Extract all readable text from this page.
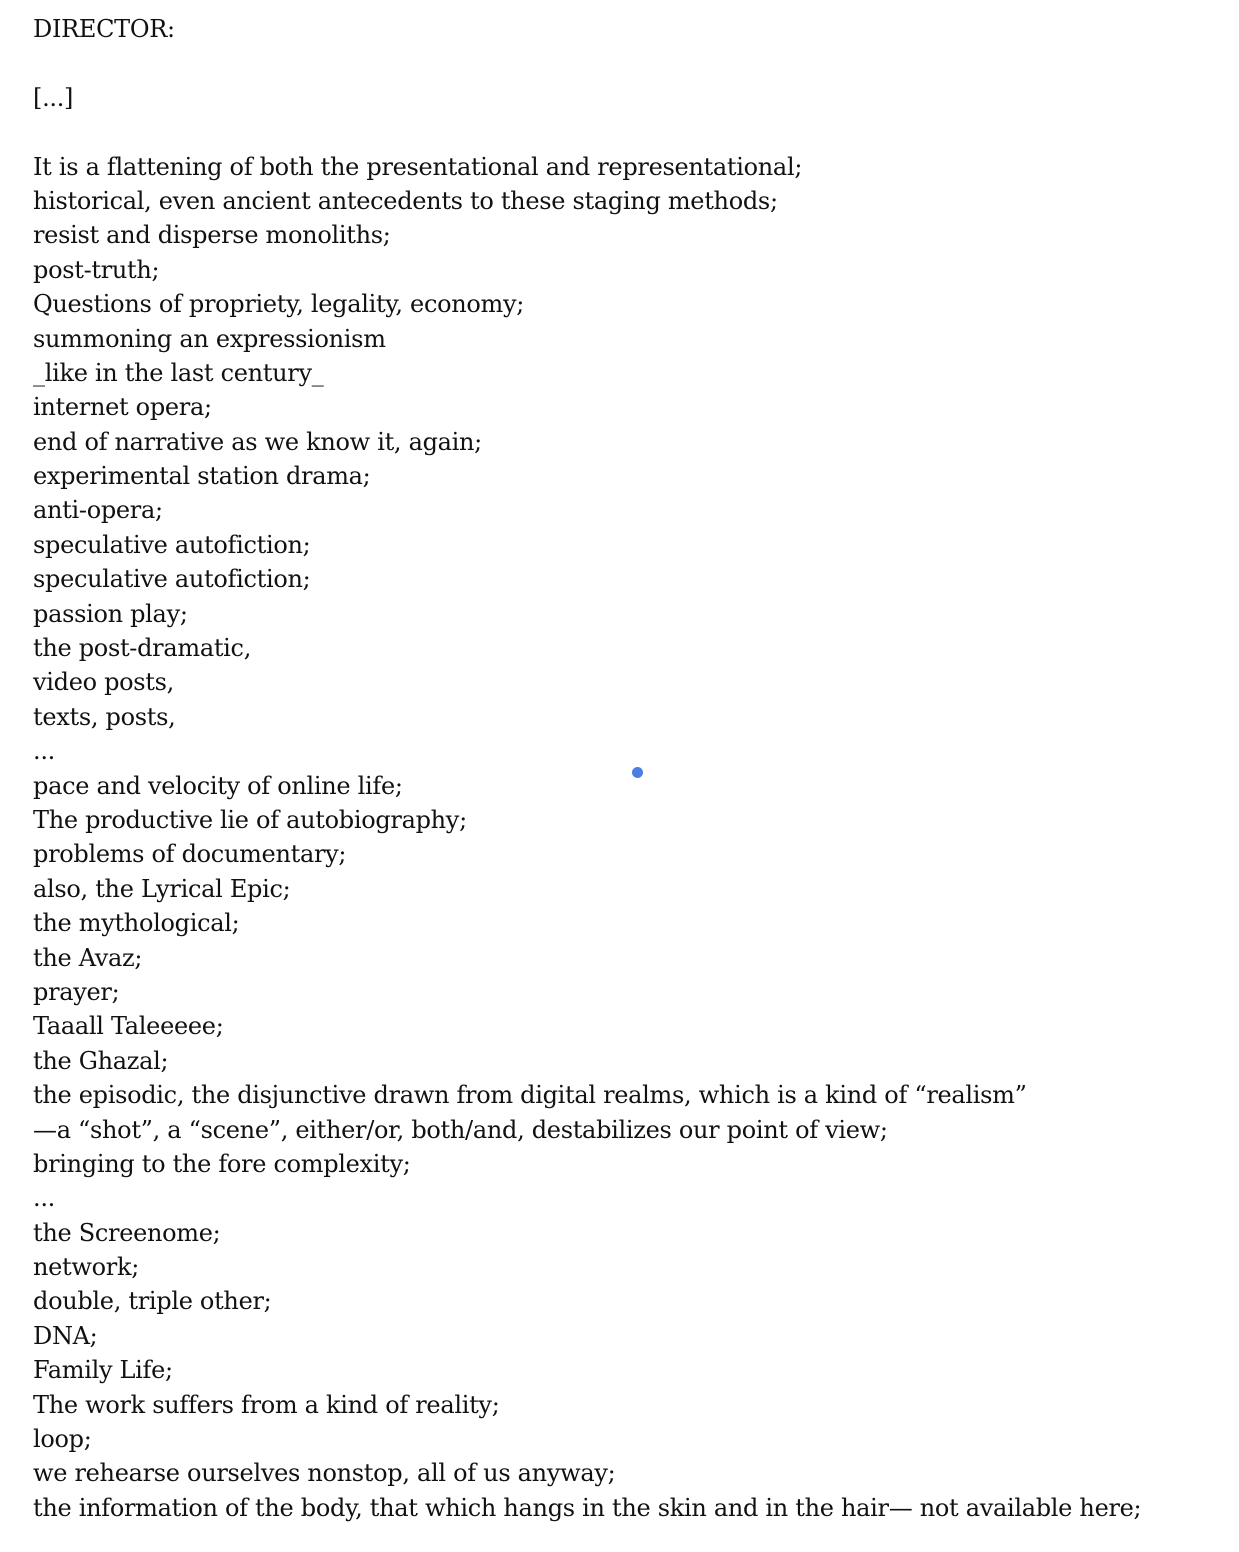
DIRECTOR:
[...]
It is a flattening of both the presentational and representational;
historical, even ancient antecedents to these staging methods;
resist and disperse monoliths;
post-truth;
Questions of propriety, legality, economy;
summoning an expressionism
_like in the last century_
internet opera;
end of narrative as we know it, again;
experimental station drama;
anti-opera;
speculative autofiction;
speculative autofiction;
passion play;
the post-dramatic,
video posts,
texts, posts,
...
pace and velocity of online life;
The productive lie of autobiography;
problems of documentary;
also, the Lyrical Epic;
the mythological;
the Avaz;
prayer;
Taaall Taleeeee;
the Ghazal;
the episodic, the disjunctive drawn from digital realms, which is a kind of “realism”
—a “shot”, a “scene”, either/or, both/and, destabilizes our point of view;
bringing to the fore complexity;
...
the Screenome;
network;
double, triple other;
DNA;
Family Life;
The work suffers from a kind of reality;
loop;
we rehearse ourselves nonstop, all of us anyway;
the information of the body, that which hangs in the skin and in the hair— not available here;
